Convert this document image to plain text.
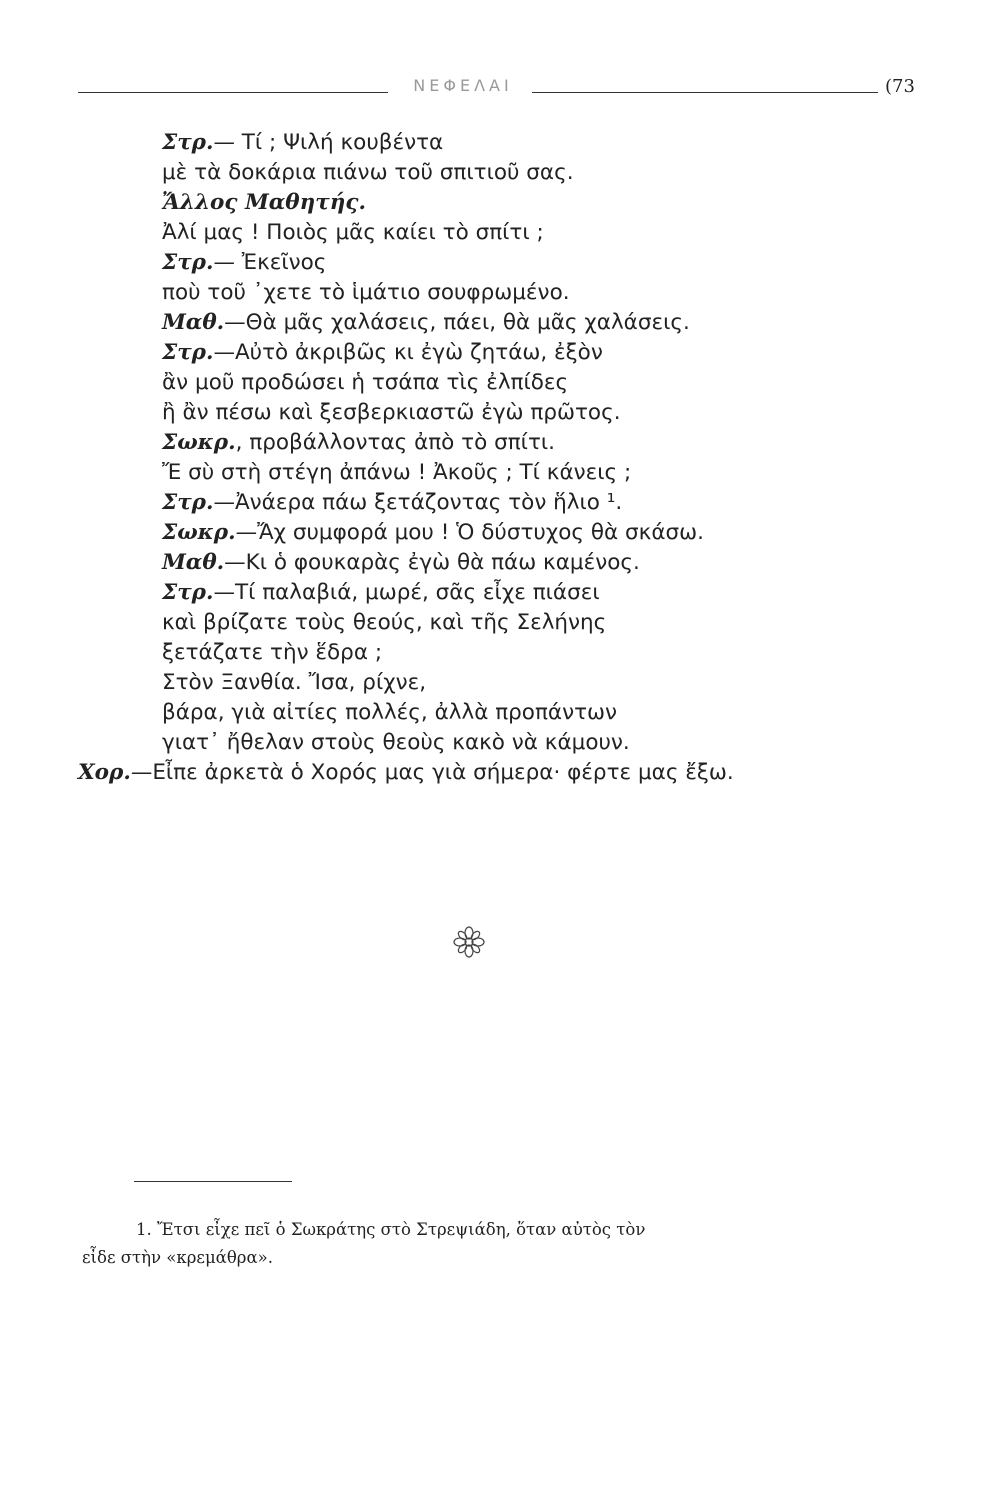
ΝΕΦΕΛΑΙ	(73
Στρ.— Τί ; Ψιλή κουβέντα
μὲ τὰ δοκάρια πιάνω τοῦ σπιτιοῦ σας.
Ἄλλος Μαθητής.
Ἀλί μας ! Ποιὸς μᾶς καίει τὸ σπίτι ;
Στρ.— Ἐκεῖνος
ποὺ τοῦ ᾽χετε τὸ ἱμάτιο σουφρωμένο.
Μαθ.—Θὰ μᾶς χαλάσεις, πάει, θὰ μᾶς χαλάσεις.
Στρ.—Αὐτὸ ἀκριβῶς κι ἐγὼ ζητάω, ἐξὸν
ἂν μοῦ προδώσει ἡ τσάπα τὶς ἐλπίδες
ἢ ἂν πέσω καὶ ξεσβερκιαστῶ ἐγὼ πρῶτος.
Σωκρ., προβάλλοντας ἀπὸ τὸ σπίτι.
Ἔ σὺ στὴ στέγη ἀπάνω ! Ἀκοῦς ; Τί κάνεις ;
Στρ.—Ἀνάερα πάω ξετάζοντας τὸν ἥλιο ¹.
Σωκρ.—Ἄχ συμφορά μου ! Ὁ δύστυχος θὰ σκάσω.
Μαθ.—Κι ὁ φουκαρὰς ἐγὼ θὰ πάω καμένος.
Στρ.—Τί παλαβιά, μωρέ, σᾶς εἶχε πιάσει
καὶ βρίζατε τοὺς θεούς, καὶ τῆς Σελήνης
ξετάζατε τὴν ἕδρα ;
Στὸν Ξανθία. Ἴσα, ρίχνε,
βάρα, γιὰ αἰτίες πολλές, ἀλλὰ προπάντων
γιατ᾽ ἤθελαν στοὺς θεοὺς κακὸ νὰ κάμουν.
Χορ.—Εἶπε ἀρκετὰ ὁ Χορός μας γιὰ σήμερα· φέρτε μας ἔξω.
1. Ἔτσι εἶχε πεῖ ὁ Σωκράτης στὸ Στρεψιάδη, ὅταν αὐτὸς τὸν
εἶδε στὴν «κρεμάθρα».
